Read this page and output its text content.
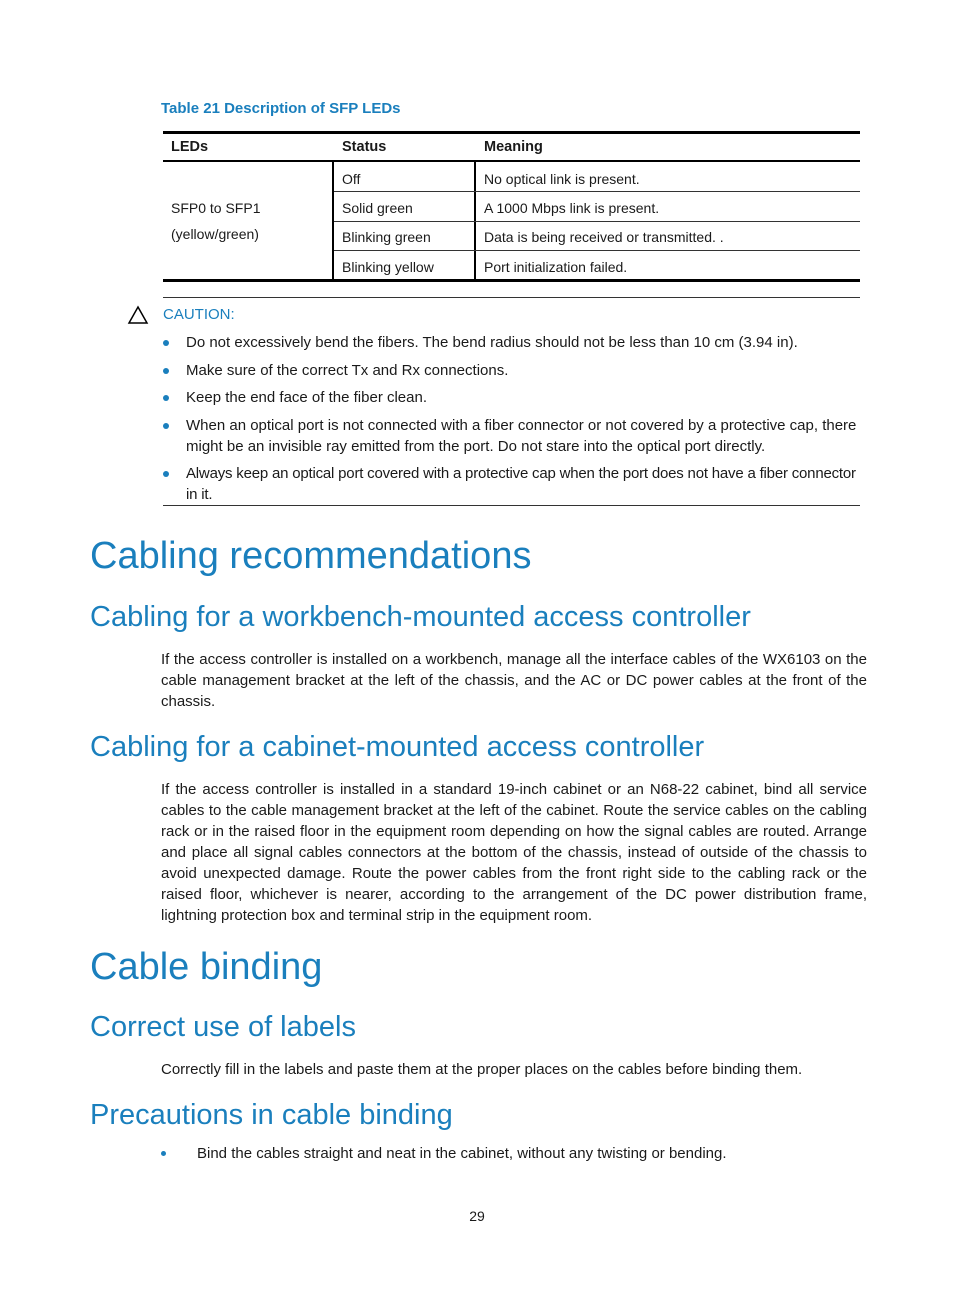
Table 21 Description of SFP LEDs
LEDs	Status	Meaning
SFP0 to SFP1
(yellow/green)
Off	No optical link is present.
Solid green	A 1000 Mbps link is present.
Blinking green	Data is being received or transmitted. .
Blinking yellow	Port initialization failed.
CAUTION:
Do not excessively bend the fibers. The bend radius should not be less than 10 cm (3.94 in).
Make sure of the correct Tx and Rx connections.
Keep the end face of the fiber clean.
When an optical port is not connected with a fiber connector or not covered by a protective cap, there might be an invisible ray emitted from the port. Do not stare into the optical port directly.
Always keep an optical port covered with a protective cap when the port does not have a fiber connector in it.
Cabling recommendations
Cabling for a workbench-mounted access controller
If the access controller is installed on a workbench, manage all the interface cables of the WX6103 on the cable management bracket at the left of the chassis, and the AC or DC power cables at the front of the chassis.
Cabling for a cabinet-mounted access controller
If the access controller is installed in a standard 19-inch cabinet or an N68-22 cabinet, bind all service cables to the cable management bracket at the left of the cabinet. Route the service cables on the cabling rack or in the raised floor in the equipment room depending on how the signal cables are routed. Arrange and place all signal cables connectors at the bottom of the chassis, instead of outside of the chassis to avoid unexpected damage. Route the power cables from the front right side to the cabling rack or the raised floor, whichever is nearer, according to the arrangement of the DC power distribution frame, lightning protection box and terminal strip in the equipment room.
Cable binding
Correct use of labels
Correctly fill in the labels and paste them at the proper places on the cables before binding them.
Precautions in cable binding
Bind the cables straight and neat in the cabinet, without any twisting or bending.
29
